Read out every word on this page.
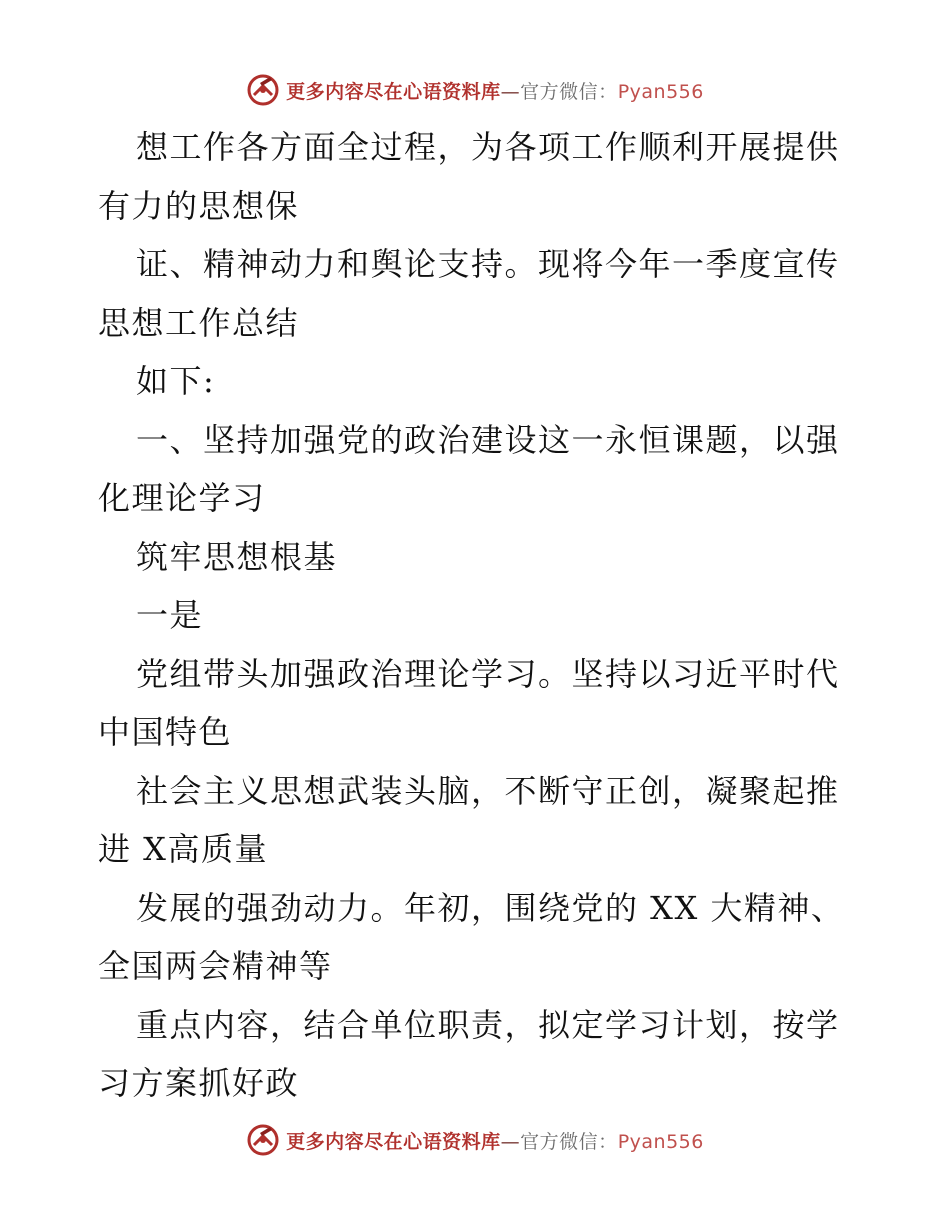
更多内容尽在心语资料库—官方微信：Pyan556
想工作各方面全过程，为各项工作顺利开展提供
有力的思想保
证、精神动力和舆论支持。现将今年一季度宣传
思想工作总结
如下:
一、坚持加强党的政治建设这一永恒课题，以强
化理论学习
筑牢思想根基
一是
党组带头加强政治理论学习。坚持以习近平时代
中国特色
社会主义思想武装头脑，不断守正创，凝聚起推
进 X高质量
发展的强劲动力。年初，围绕党的 XX 大精神、
全国两会精神等
重点内容，结合单位职责，拟定学习计划，按学
习方案抓好政
更多内容尽在心语资料库—官方微信：Pyan556
